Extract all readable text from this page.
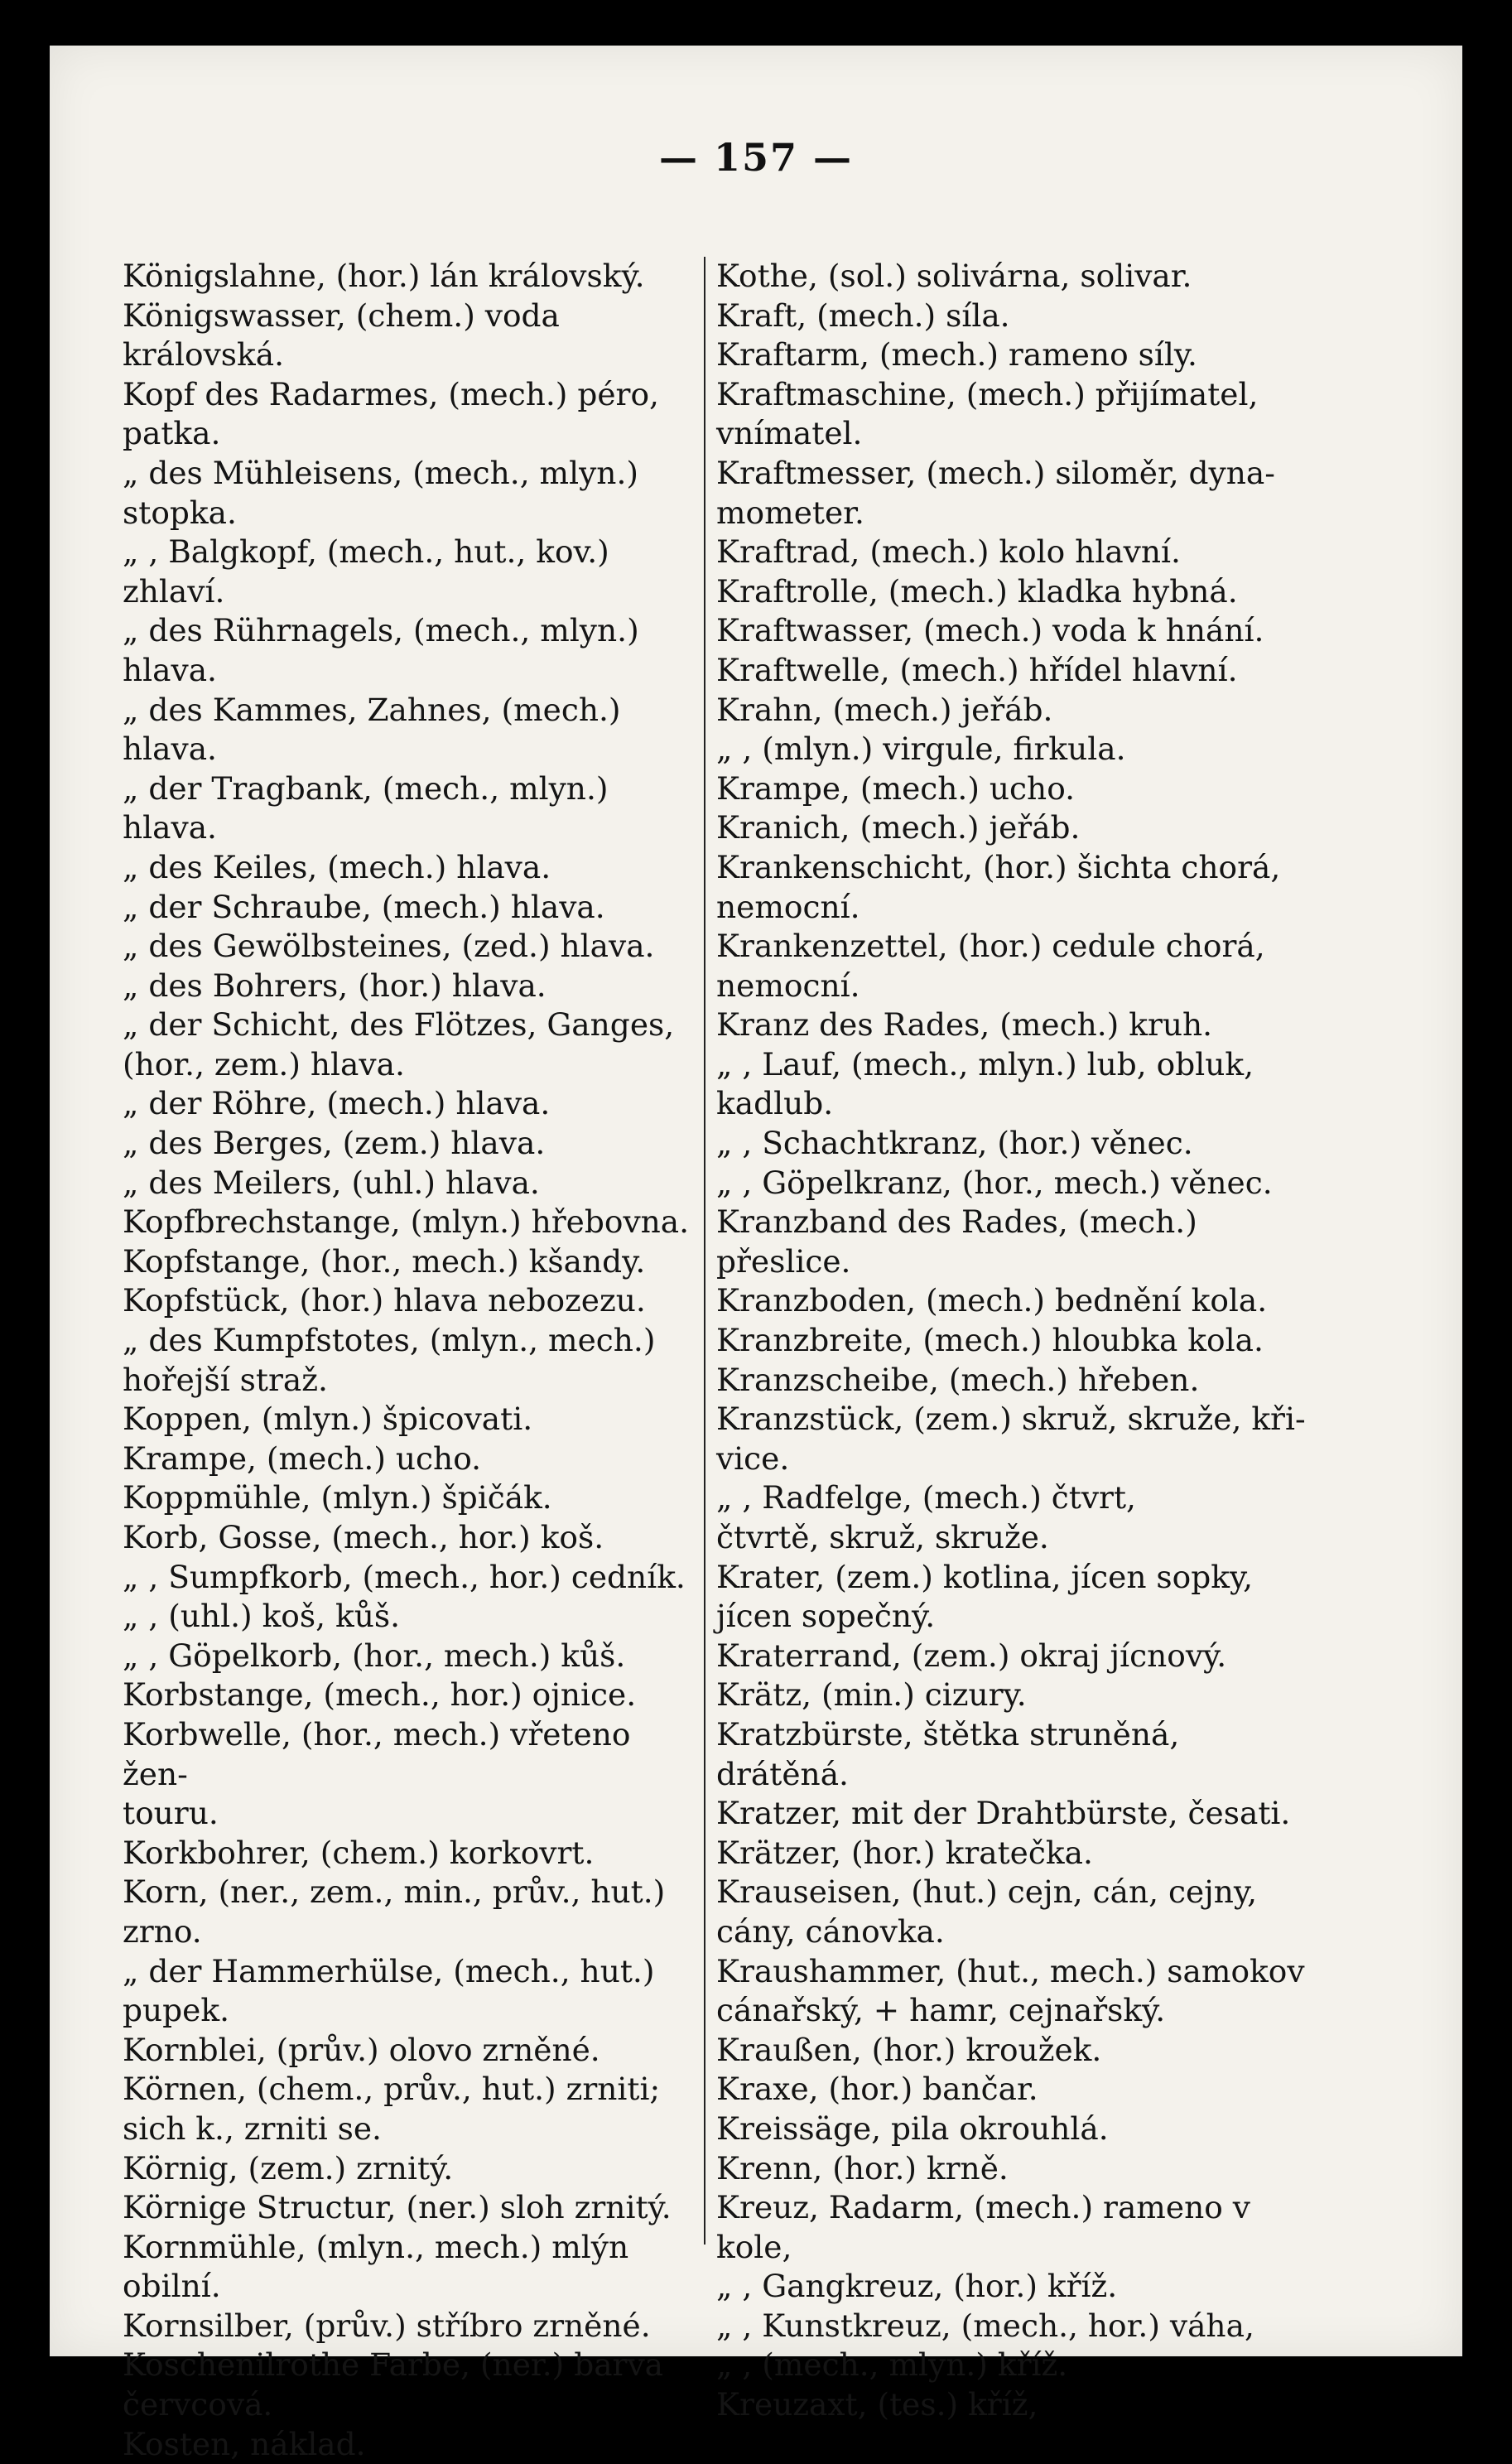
— 157 —
Königslahne, (hor.) lán královský.
Königswasser, (chem.) voda královská.
Kopf des Radarmes, (mech.) péro, patka.
„ des Mühleisens, (mech., mlyn.)
stopka.
„ , Balgkopf, (mech., hut., kov.)
zhlaví.
„ des Rührnagels, (mech., mlyn.)
hlava.
„ des Kammes, Zahnes, (mech.)
hlava.
„ der Tragbank, (mech., mlyn.)
hlava.
„ des Keiles, (mech.) hlava.
„ der Schraube, (mech.) hlava.
„ des Gewölbsteines, (zed.) hlava.
„ des Bohrers, (hor.) hlava.
„ der Schicht, des Flötzes, Ganges,
(hor., zem.) hlava.
„ der Röhre, (mech.) hlava.
„ des Berges, (zem.) hlava.
„ des Meilers, (uhl.) hlava.
Kopfbrechstange, (mlyn.) hřebovna.
Kopfstange, (hor., mech.) kšandy.
Kopfstück, (hor.) hlava nebozezu.
„ des Kumpfstotes, (mlyn., mech.)
hořejší straž.
Koppen, (mlyn.) špicovati.
Krampe, (mech.) ucho.
Koppmühle, (mlyn.) špičák.
Korb, Gosse, (mech., hor.) koš.
„ , Sumpfkorb, (mech., hor.) cedník.
„ , (uhl.) koš, kůš.
„ , Göpelkorb, (hor., mech.) kůš.
Korbstange, (mech., hor.) ojnice.
Korbwelle, (hor., mech.) vřeteno žen-
touru.
Korkbohrer, (chem.) korkovrt.
Korn, (ner., zem., min., prův., hut.)
zrno.
„ der Hammerhülse, (mech., hut.)
pupek.
Kornblei, (prův.) olovo zrněné.
Körnen, (chem., prův., hut.) zrniti;
sich k., zrniti se.
Körnig, (zem.) zrnitý.
Körnige Structur, (ner.) sloh zrnitý.
Kornmühle, (mlyn., mech.) mlýn obilní.
Kornsilber, (prův.) stříbro zrněné.
Koschenilrothe Farbe, (ner.) barva
červcová.
Kosten, náklad.
Kothe, (sol.) solivárna, solivar.
Kraft, (mech.) síla.
Kraftarm, (mech.) rameno síly.
Kraftmaschine, (mech.) přijímatel,
vnímatel.
Kraftmesser, (mech.) siloměr, dyna-
mometer.
Kraftrad, (mech.) kolo hlavní.
Kraftrolle, (mech.) kladka hybná.
Kraftwasser, (mech.) voda k hnání.
Kraftwelle, (mech.) hřídel hlavní.
Krahn, (mech.) jeřáb.
„ , (mlyn.) virgule, firkula.
Krampe, (mech.) ucho.
Kranich, (mech.) jeřáb.
Krankenschicht, (hor.) šichta chorá,
nemocní.
Krankenzettel, (hor.) cedule chorá,
nemocní.
Kranz des Rades, (mech.) kruh.
„ , Lauf, (mech., mlyn.) lub, obluk,
kadlub.
„ , Schachtkranz, (hor.) věnec.
„ , Göpelkranz, (hor., mech.) věnec.
Kranzband des Rades, (mech.) přeslice.
Kranzboden, (mech.) bednění kola.
Kranzbreite, (mech.) hloubka kola.
Kranzscheibe, (mech.) hřeben.
Kranzstück, (zem.) skruž, skruže, kři-
vice.
„ , Radfelge, (mech.) čtvrt,
čtvrtě, skruž, skruže.
Krater, (zem.) kotlina, jícen sopky,
jícen sopečný.
Kraterrand, (zem.) okraj jícnový.
Krätz, (min.) cizury.
Kratzbürste, štětka struněná, drátěná.
Kratzer, mit der Drahtbürste, česati.
Krätzer, (hor.) kratečka.
Krauseisen, (hut.) cejn, cán, cejny,
cány, cánovka.
Kraushammer, (hut., mech.) samokov
cánařský, + hamr, cejnařský.
Kraußen, (hor.) kroužek.
Kraxe, (hor.) bančar.
Kreissäge, pila okrouhlá.
Krenn, (hor.) krně.
Kreuz, Radarm, (mech.) rameno v kole,
„ , Gangkreuz, (hor.) kříž.
„ , Kunstkreuz, (mech., hor.) váha,
„ , (mech., mlyn.) kříž.
Kreuzaxt, (tes.) kříž,
